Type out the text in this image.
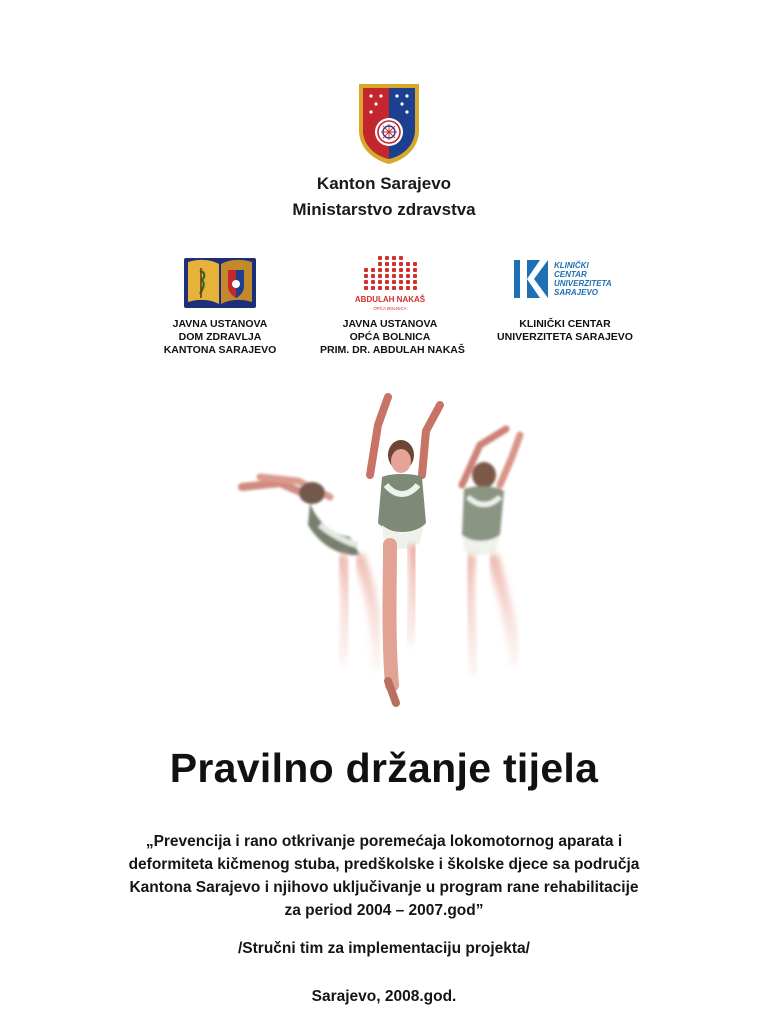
Kanton Sarajevo
Ministarstvo zdravstva
JAVNA USTANOVA
DOM ZDRAVLJA
KANTONA SARAJEVO
ABDULAH NAKAŠ
OPĆA BOLNICA
JAVNA USTANOVA
OPĆA BOLNICA
PRIM. DR. ABDULAH NAKAŠ
KLINIČKI
CENTAR
UNIVERZITETA
SARAJEVO
KLINIČKI CENTAR
UNIVERZITETA SARAJEVO
Pravilno držanje tijela
„Prevencija i rano otkrivanje poremećaja lokomotornog aparata i deformiteta kičmenog stuba, predškolske i školske djece sa područja Kantona Sarajevo i njihovo uključivanje u program rane rehabilitacije za period 2004 – 2007.god”
/Stručni tim za implementaciju projekta/
Sarajevo, 2008.god.
